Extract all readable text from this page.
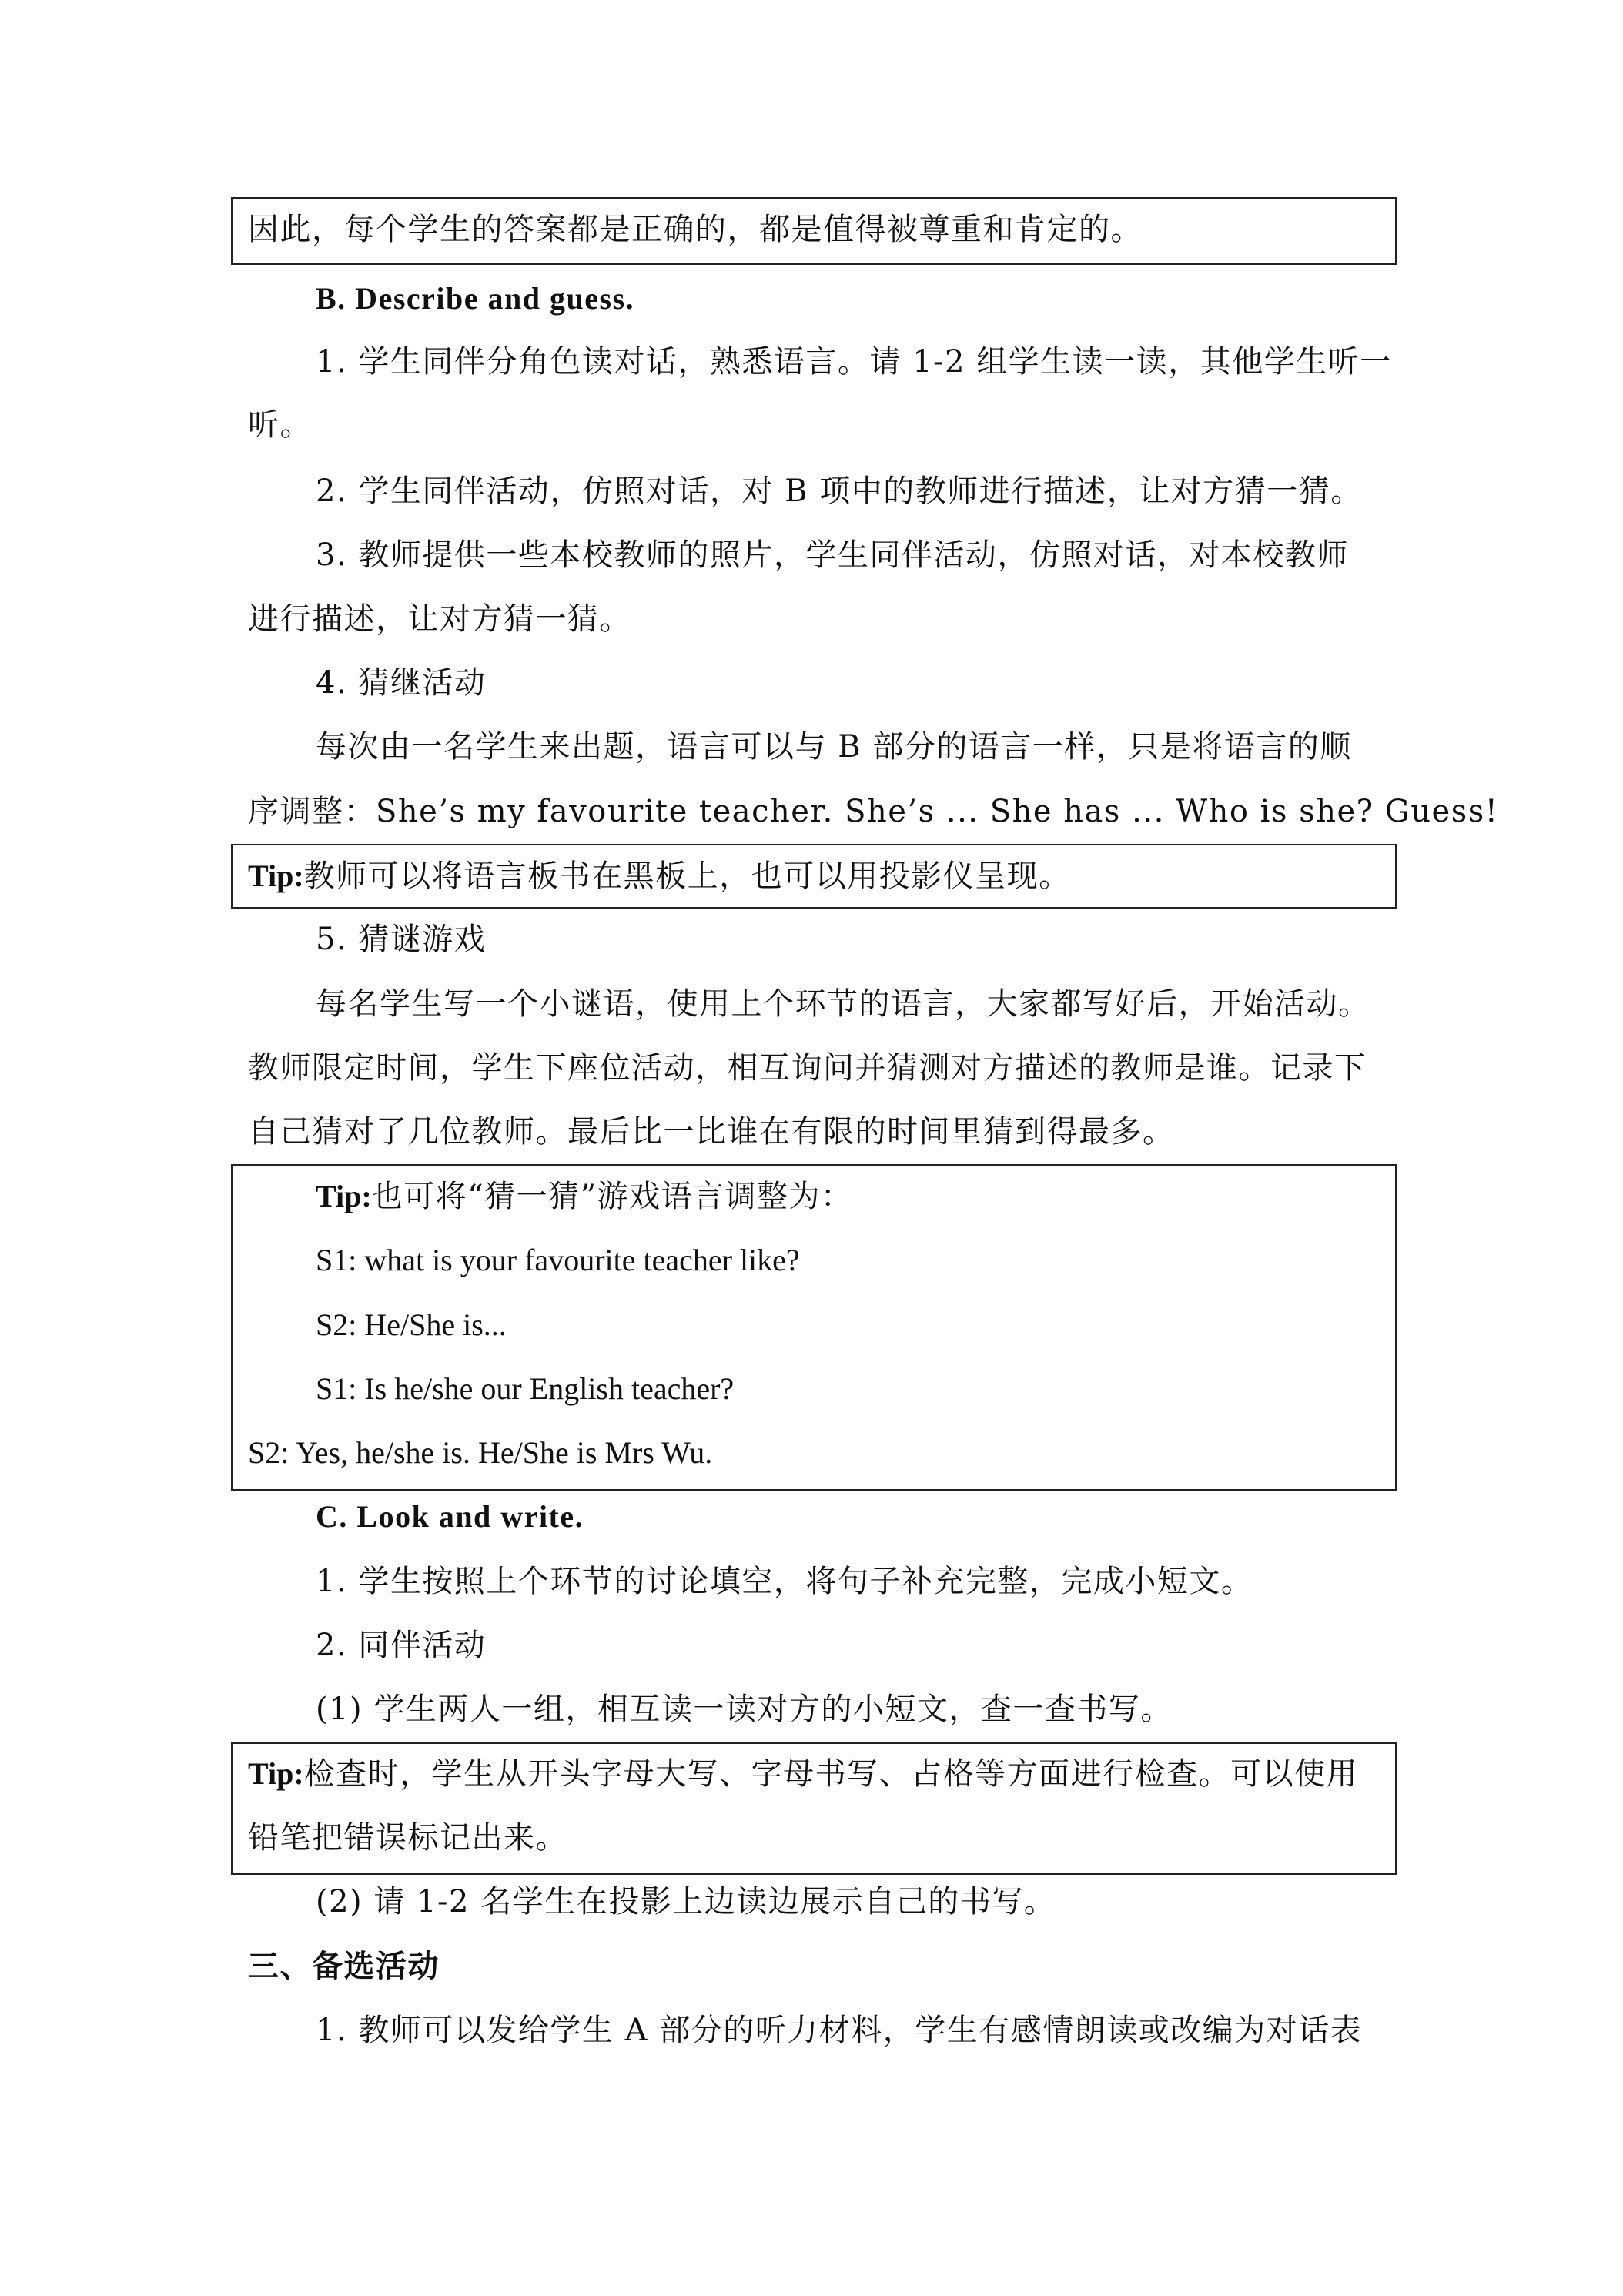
因此，每个学生的答案都是正确的，都是值得被尊重和肯定的。
B. Describe and guess.
1. 学生同伴分角色读对话，熟悉语言。请 1-2 组学生读一读，其他学生听一
听。
2. 学生同伴活动，仿照对话，对 B 项中的教师进行描述，让对方猜一猜。
3. 教师提供一些本校教师的照片，学生同伴活动，仿照对话，对本校教师
进行描述，让对方猜一猜。
4. 猜继活动
每次由一名学生来出题，语言可以与 B 部分的语言一样，只是将语言的顺
序调整：She’s my favourite teacher. She’s ... She has ... Who is she? Guess!
Tip:教师可以将语言板书在黑板上，也可以用投影仪呈现。
5. 猜谜游戏
每名学生写一个小谜语，使用上个环节的语言，大家都写好后，开始活动。
教师限定时间，学生下座位活动，相互询问并猜测对方描述的教师是谁。记录下
自己猜对了几位教师。最后比一比谁在有限的时间里猜到得最多。
Tip:也可将“猜一猜”游戏语言调整为：
S1: what is your favourite teacher like?
S2: He/She is...
S1: Is he/she our English teacher?
S2: Yes, he/she is. He/She is Mrs Wu.
C. Look and write.
1. 学生按照上个环节的讨论填空，将句子补充完整，完成小短文。
2. 同伴活动
(1) 学生两人一组，相互读一读对方的小短文，查一查书写。
Tip:检查时，学生从开头字母大写、字母书写、占格等方面进行检查。可以使用
铅笔把错误标记出来。
(2) 请 1-2 名学生在投影上边读边展示自己的书写。
三、备选活动
1. 教师可以发给学生 A 部分的听力材料，学生有感情朗读或改编为对话表
